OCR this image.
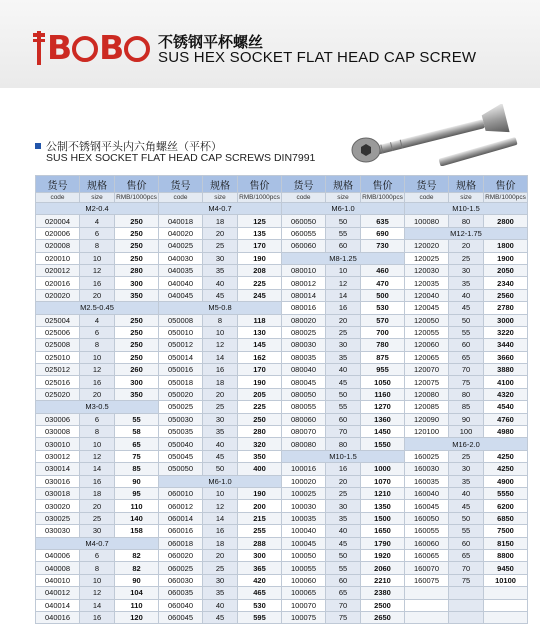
B B	不锈钢平杯螺丝
SUS HEX SOCKET FLAT HEAD CAP SCREW
公制不锈钢平头内六角螺丝（平杯）
SUS HEX SOCKET FLAT HEAD CAP SCREWS DIN7991
货号	规格	售价	货号	规格	售价	货号	规格	售价	货号	规格	售价
code	size	RMB/1000pcs	code	size	RMB/1000pcs	code	size	RMB/1000pcs	code	size	RMB/1000pcs
M2-0.4			M4-0.7			M6-1.0			M10-1.5		
020004	4	250	040018	18	125	060050	50	635	100080	80	2800
020006	6	250	040020	20	135	060055	55	690	M12-1.75		
020008	8	250	040025	25	170	060060	60	730	120020	20	1800
020010	10	250	040030	30	190	M8-1.25			120025	25	1900
020012	12	280	040035	35	208	080010	10	460	120030	30	2050
020016	16	300	040040	40	225	080012	12	470	120035	35	2340
020020	20	350	040045	45	245	080014	14	500	120040	40	2560
M2.5-0.45			M5-0.8			080016	16	530	120045	45	2780
025004	4	250	050008	8	118	080020	20	570	120050	50	3000
025006	6	250	050010	10	130	080025	25	700	120055	55	3220
025008	8	250	050012	12	145	080030	30	780	120060	60	3440
025010	10	250	050014	14	162	080035	35	875	120065	65	3660
025012	12	260	050016	16	170	080040	40	955	120070	70	3880
025016	16	300	050018	18	190	080045	45	1050	120075	75	4100
025020	20	350	050020	20	205	080050	50	1160	120080	80	4320
M3-0.5			050025	25	225	080055	55	1270	120085	85	4540
030006	6	55	050030	30	250	080060	60	1360	120090	90	4760
030008	8	58	050035	35	280	080070	70	1450	120100	100	4980
030010	10	65	050040	40	320	080080	80	1550	M16-2.0		
030012	12	75	050045	45	350	M10-1.5			160025	25	4250
030014	14	85	050050	50	400	100016	16	1000	160030	30	4250
030016	16	90	M6-1.0			100020	20	1070	160035	35	4900
030018	18	95	060010	10	190	100025	25	1210	160040	40	5550
030020	20	110	060012	12	200	100030	30	1350	160045	45	6200
030025	25	140	060014	14	215	100035	35	1500	160050	50	6850
030030	30	158	060016	16	255	100040	40	1650	160055	55	7500
M4-0.7			060018	18	288	100045	45	1790	160060	60	8150
040006	6	82	060020	20	300	100050	50	1920	160065	65	8800
040008	8	82	060025	25	365	100055	55	2060	160070	70	9450
040010	10	90	060030	30	420	100060	60	2210	160075	75	10100
040012	12	104	060035	35	465	100065	65	2380			
040014	14	110	060040	40	530	100070	70	2500			
040016	16	120	060045	45	595	100075	75	2650			
